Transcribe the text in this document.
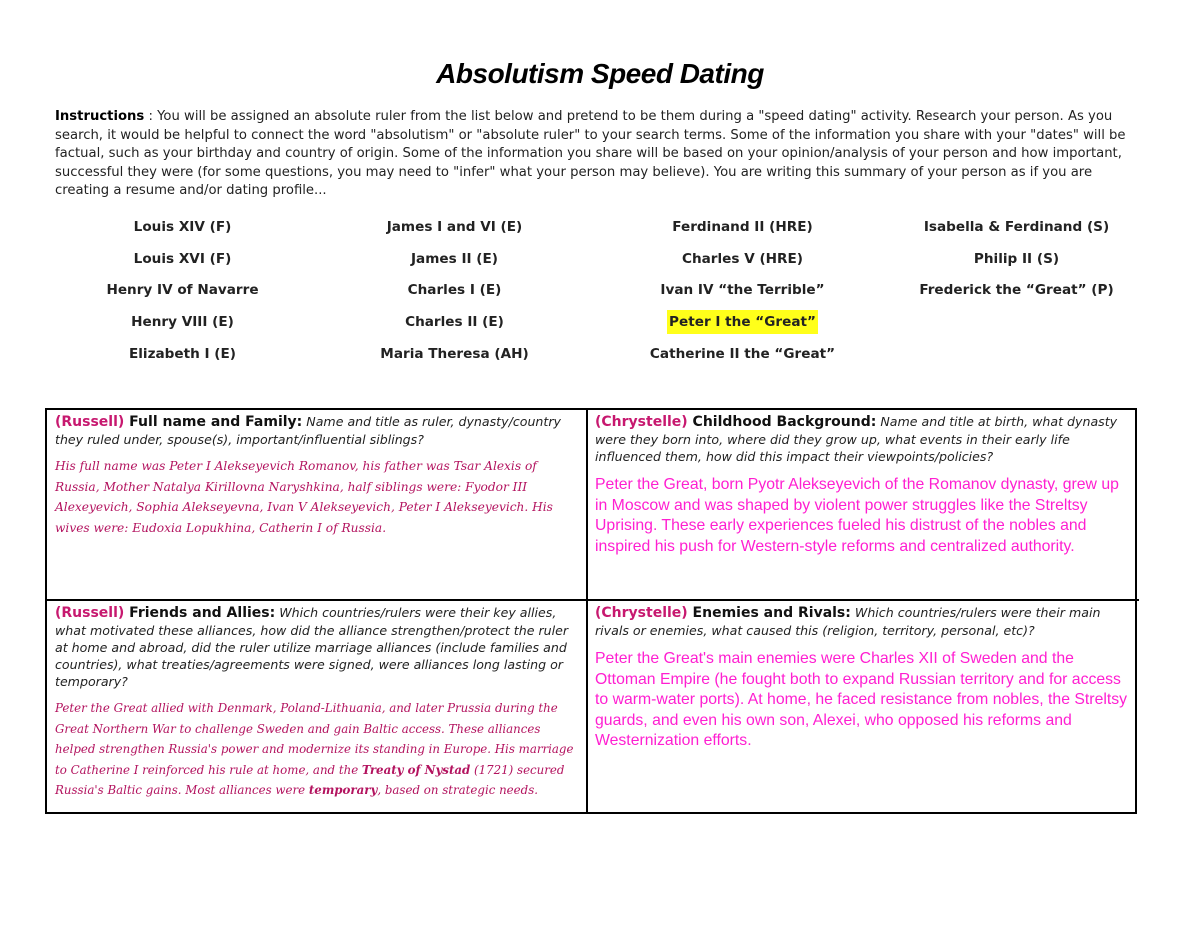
Absolutism Speed Dating
Instructions : You will be assigned an absolute ruler from the list below and pretend to be them during a "speed dating" activity. Research your person. As you search, it would be helpful to connect the word "absolutism" or "absolute ruler" to your search terms. Some of the information you share with your "dates" will be factual, such as your birthday and country of origin. Some of the information you share will be based on your opinion/analysis of your person and how important, successful they were (for some questions, you may need to "infer" what your person may believe). You are writing this summary of your person as if you are creating a resume and/or dating profile...
Louis XIV (F)
Louis XVI (F)
Henry IV of Navarre
Henry VIII (E)
Elizabeth I (E)
James I and VI (E)
James II (E)
Charles I (E)
Charles II (E)
Maria Theresa (AH)
Ferdinand II (HRE)
Charles V (HRE)
Ivan IV “the Terrible”
Peter I the “Great”
Catherine II the “Great”
Isabella & Ferdinand (S)
Philip II (S)
Frederick the “Great” (P)
(Russell) Full name and Family: Name and title as ruler, dynasty/country they ruled under, spouse(s), important/influential siblings?
His full name was Peter I Alekseyevich Romanov, his father was Tsar Alexis of Russia, Mother Natalya Kirillovna Naryshkina, half siblings were: Fyodor III Alexeyevich, Sophia Alekseyevna, Ivan V Alekseyevich, Peter I Alekseyevich. His wives were: Eudoxia Lopukhina, Catherin I of Russia.
(Chrystelle) Childhood Background: Name and title at birth, what dynasty were they born into, where did they grow up, what events in their early life influenced them, how did this impact their viewpoints/policies?
Peter the Great, born Pyotr Alekseyevich of the Romanov dynasty, grew up in Moscow and was shaped by violent power struggles like the Streltsy Uprising. These early experiences fueled his distrust of the nobles and inspired his push for Western-style reforms and centralized authority.
(Russell) Friends and Allies: Which countries/rulers were their key allies, what motivated these alliances, how did the alliance strengthen/protect the ruler at home and abroad, did the ruler utilize marriage alliances (include families and countries), what treaties/agreements were signed, were alliances long lasting or temporary?
Peter the Great allied with Denmark, Poland-Lithuania, and later Prussia during the Great Northern War to challenge Sweden and gain Baltic access. These alliances helped strengthen Russia's power and modernize its standing in Europe. His marriage to Catherine I reinforced his rule at home, and the Treaty of Nystad (1721) secured Russia's Baltic gains. Most alliances were temporary, based on strategic needs.
(Chrystelle) Enemies and Rivals: Which countries/rulers were their main rivals or enemies, what caused this (religion, territory, personal, etc)?
Peter the Great's main enemies were Charles XII of Sweden and the Ottoman Empire (he fought both to expand Russian territory and for access to warm-water ports). At home, he faced resistance from nobles, the Streltsy guards, and even his own son, Alexei, who opposed his reforms and Westernization efforts.
